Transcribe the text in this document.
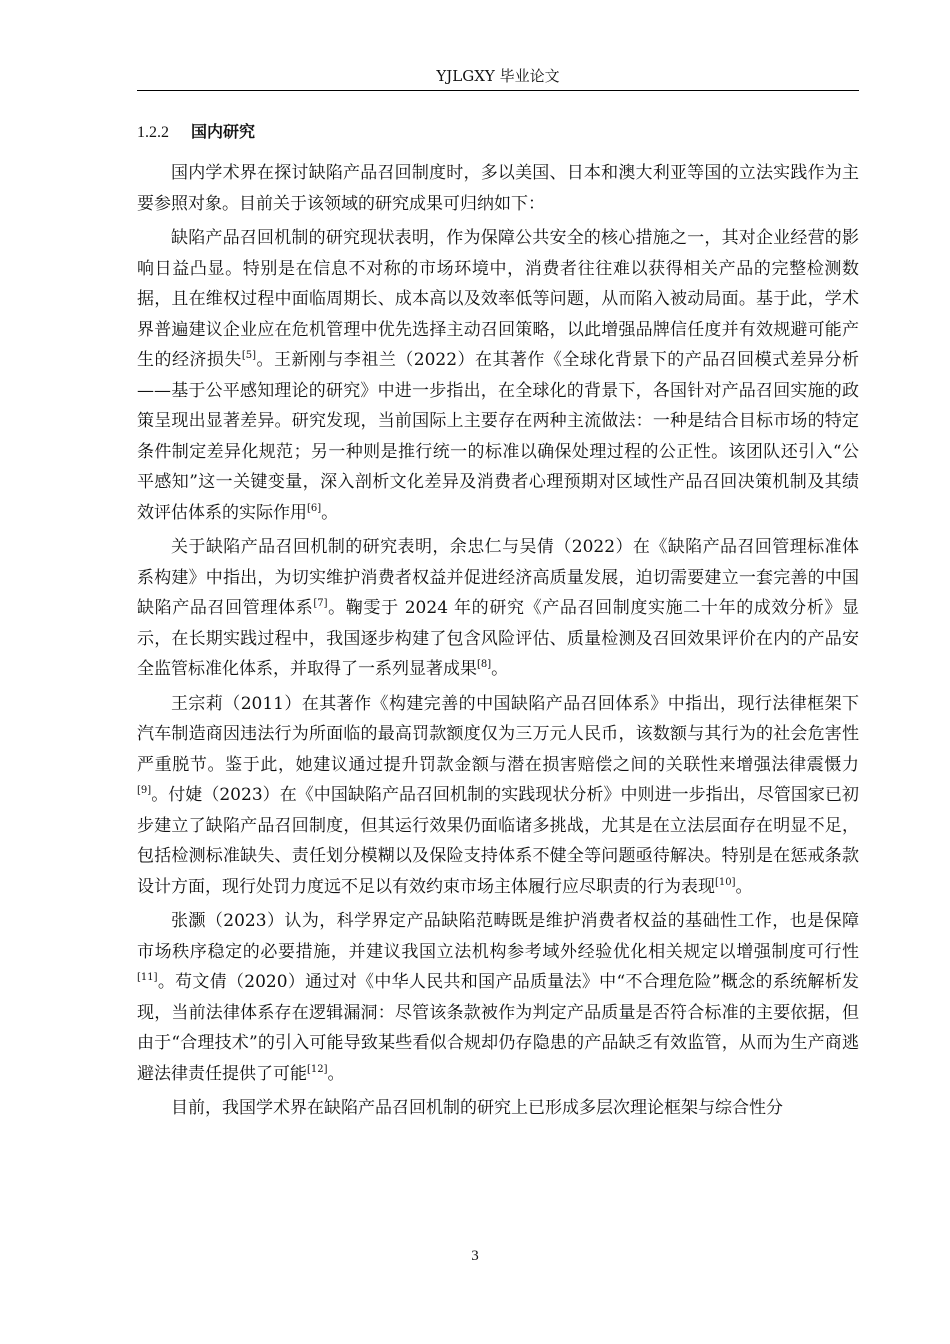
YJLGXY 毕业论文
1.2.2 国内研究

国内学术界在探讨缺陷产品召回制度时，多以美国、日本和澳大利亚等国的立法实践作为主要参照对象。目前关于该领域的研究成果可归纳如下：

缺陷产品召回机制的研究现状表明，作为保障公共安全的核心措施之一，其对企业经营的影响日益凸显。特别是在信息不对称的市场环境中，消费者往往难以获得相关产品的完整检测数据，且在维权过程中面临周期长、成本高以及效率低等问题，从而陷入被动局面。基于此，学术界普遍建议企业应在危机管理中优先选择主动召回策略，以此增强品牌信任度并有效规避可能产生的经济损失[5]。王新刚与李祖兰（2022）在其著作《全球化背景下的产品召回模式差异分析——基于公平感知理论的研究》中进一步指出，在全球化的背景下，各国针对产品召回实施的政策呈现出显著差异。研究发现，当前国际上主要存在两种主流做法：一种是结合目标市场的特定条件制定差异化规范；另一种则是推行统一的标准以确保处理过程的公正性。该团队还引入“公平感知”这一关键变量，深入剖析文化差异及消费者心理预期对区域性产品召回决策机制及其绩效评估体系的实际作用[6]。

关于缺陷产品召回机制的研究表明，余忠仁与吴倩（2022）在《缺陷产品召回管理标准体系构建》中指出，为切实维护消费者权益并促进经济高质量发展，迫切需要建立一套完善的中国缺陷产品召回管理体系[7]。鞠雯于 2024 年的研究《产品召回制度实施二十年的成效分析》显示，在长期实践过程中，我国逐步构建了包含风险评估、质量检测及召回效果评价在内的产品安全监管标准化体系，并取得了一系列显著成果[8]。

王宗莉（2011）在其著作《构建完善的中国缺陷产品召回体系》中指出，现行法律框架下汽车制造商因违法行为所面临的最高罚款额度仅为三万元人民币，该数额与其行为的社会危害性严重脱节。鉴于此，她建议通过提升罚款金额与潜在损害赔偿之间的关联性来增强法律震慑力[9]。付婕（2023）在《中国缺陷产品召回机制的实践现状分析》中则进一步指出，尽管国家已初步建立了缺陷产品召回制度，但其运行效果仍面临诸多挑战，尤其是在立法层面存在明显不足，包括检测标准缺失、责任划分模糊以及保险支持体系不健全等问题亟待解决。特别是在惩戒条款设计方面，现行处罚力度远不足以有效约束市场主体履行应尽职责的行为表现[10]。

张灏（2023）认为，科学界定产品缺陷范畴既是维护消费者权益的基础性工作，也是保障市场秩序稳定的必要措施，并建议我国立法机构参考域外经验优化相关规定以增强制度可行性[11]。苟文倩（2020）通过对《中华人民共和国产品质量法》中“不合理危险”概念的系统解析发现，当前法律体系存在逻辑漏洞：尽管该条款被作为判定产品质量是否符合标准的主要依据，但由于“合理技术”的引入可能导致某些看似合规却仍存隐患的产品缺乏有效监管，从而为生产商逃避法律责任提供了可能[12]。

目前，我国学术界在缺陷产品召回机制的研究上已形成多层次理论框架与综合性分

3
